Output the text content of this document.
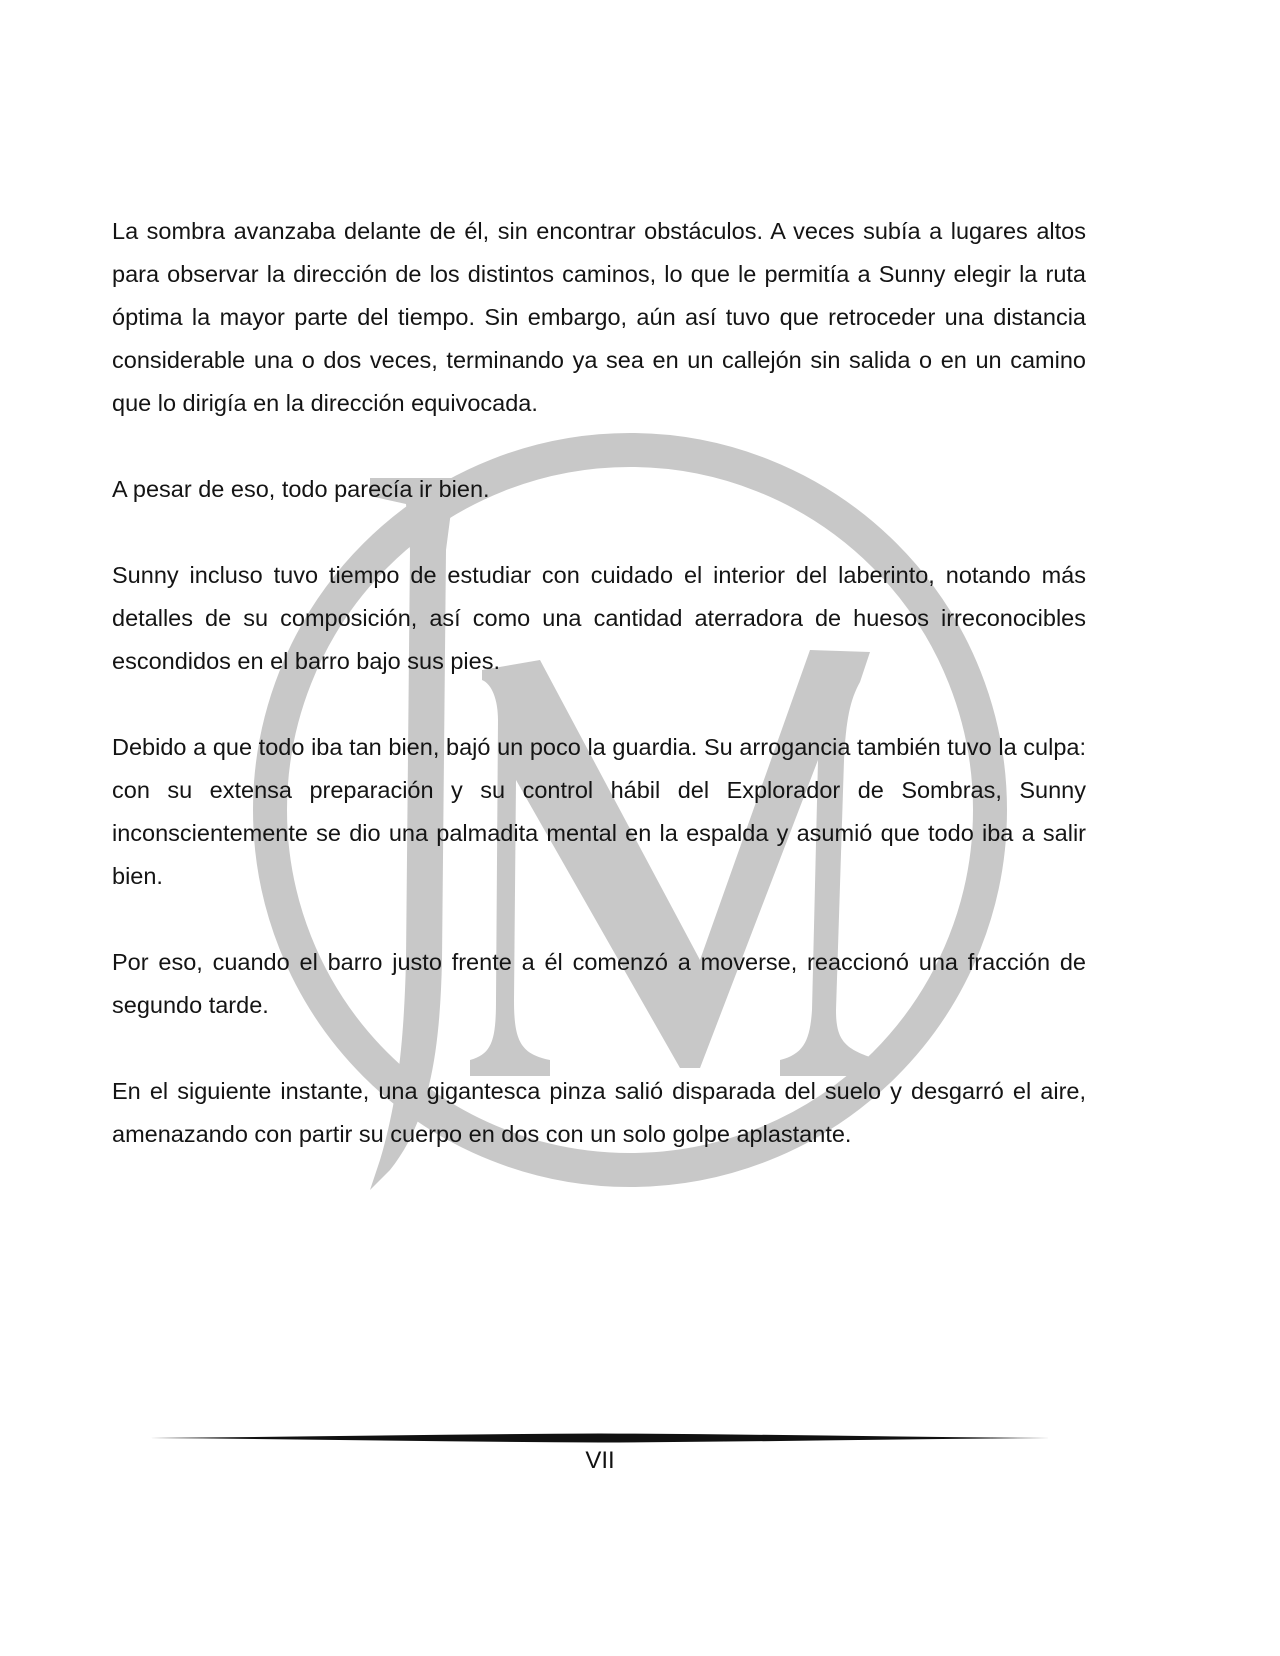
La sombra avanzaba delante de él, sin encontrar obstáculos. A veces subía a lugares altos para observar la dirección de los distintos caminos, lo que le permitía a Sunny elegir la ruta óptima la mayor parte del tiempo. Sin embargo, aún así tuvo que retroceder una distancia considerable una o dos veces, terminando ya sea en un callejón sin salida o en un camino que lo dirigía en la dirección equivocada.

A pesar de eso, todo parecía ir bien.

Sunny incluso tuvo tiempo de estudiar con cuidado el interior del laberinto, notando más detalles de su composición, así como una cantidad aterradora de huesos irreconocibles escondidos en el barro bajo sus pies.

Debido a que todo iba tan bien, bajó un poco la guardia. Su arrogancia también tuvo la culpa: con su extensa preparación y su control hábil del Explorador de Sombras, Sunny inconscientemente se dio una palmadita mental en la espalda y asumió que todo iba a salir bien.

Por eso, cuando el barro justo frente a él comenzó a moverse, reaccionó una fracción de segundo tarde.

En el siguiente instante, una gigantesca pinza salió disparada del suelo y desgarró el aire, amenazando con partir su cuerpo en dos con un solo golpe aplastante.

VII
